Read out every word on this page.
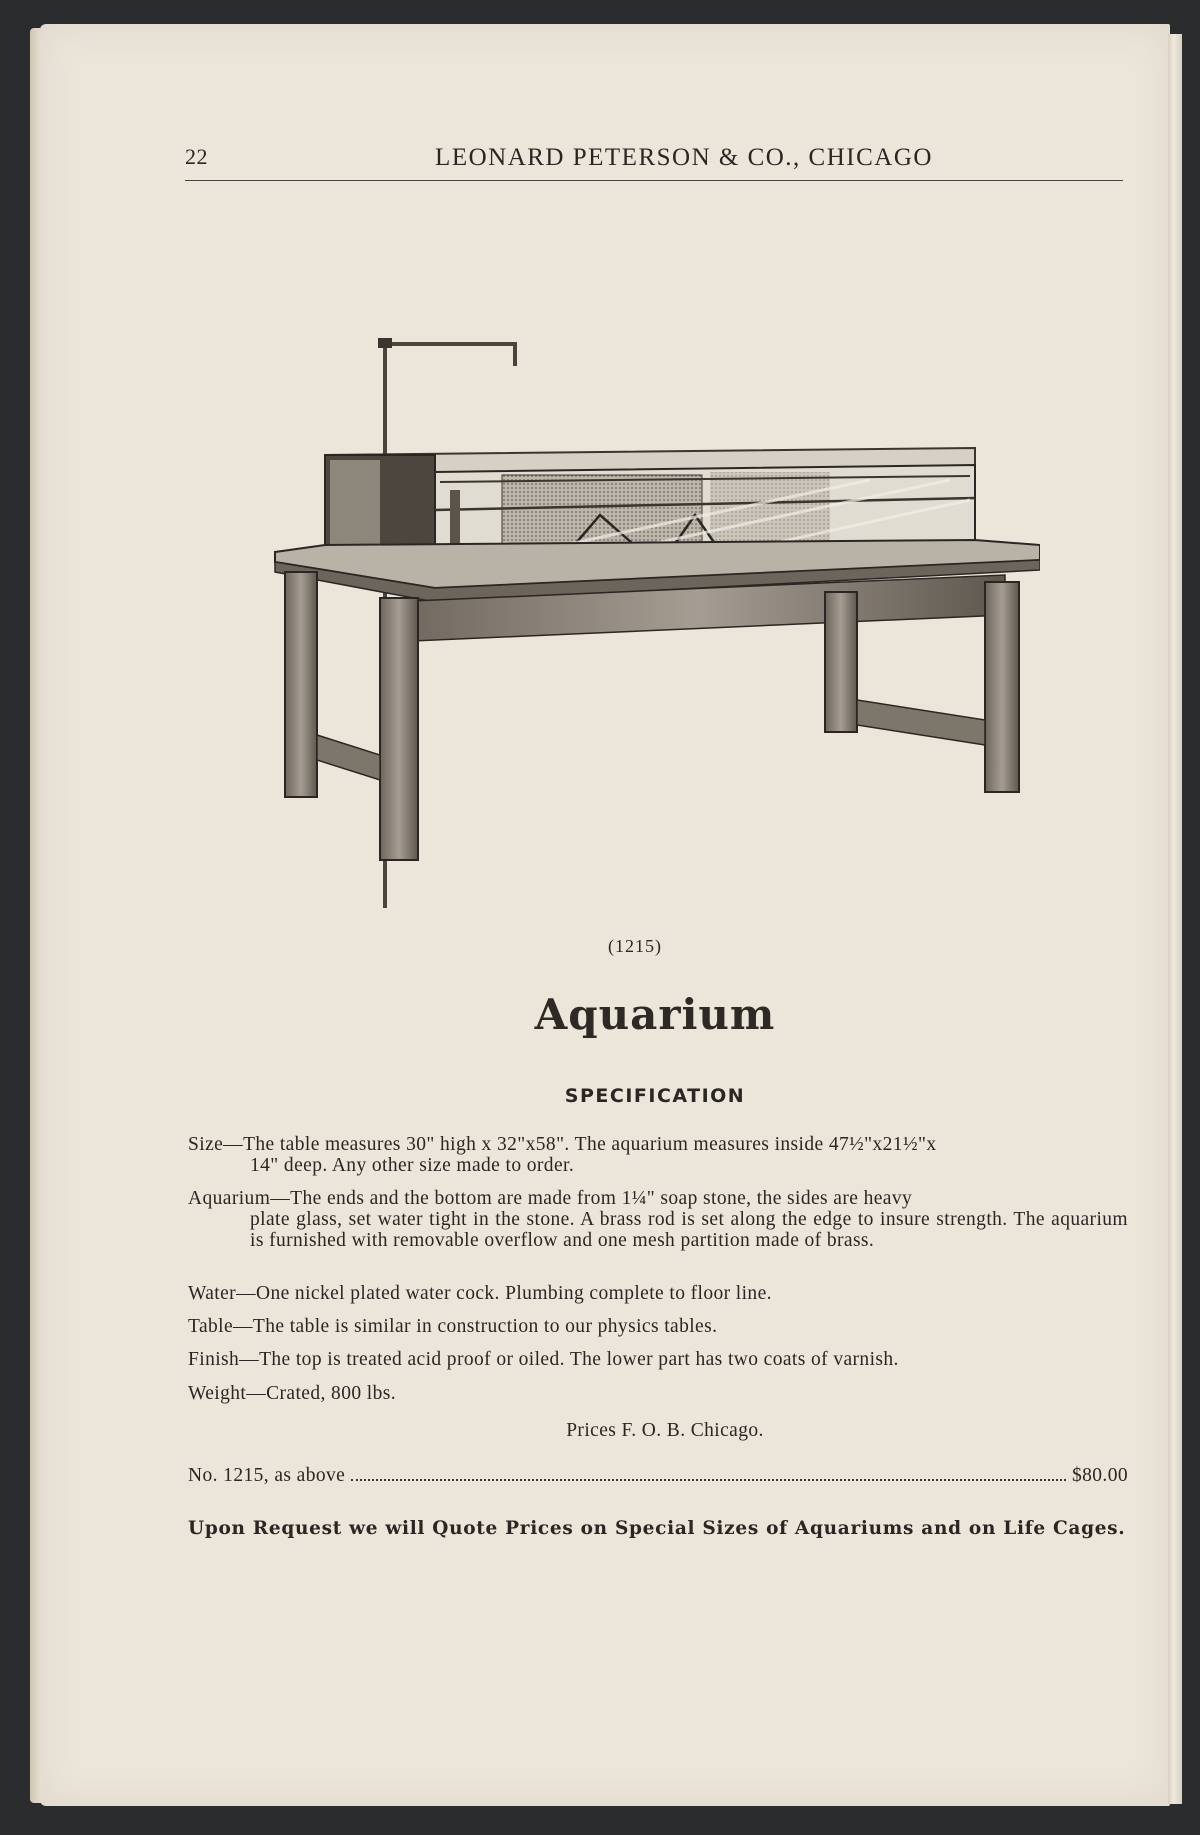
22	LEONARD PETERSON & CO., CHICAGO
(1215)
Aquarium
SPECIFICATION
Size—The table measures 30" high x 32"x58". The aquarium measures inside 47½"x21½"x
14" deep. Any other size made to order.
Aquarium—The ends and the bottom are made from 1¼" soap stone, the sides are heavy
plate glass, set water tight in the stone. A brass rod is set along the edge to insure strength. The aquarium is furnished with removable overflow and one mesh partition made of brass.
Water—One nickel plated water cock. Plumbing complete to floor line.
Table—The table is similar in construction to our physics tables.
Finish—The top is treated acid proof or oiled. The lower part has two coats of varnish.
Weight—Crated, 800 lbs.
Prices F. O. B. Chicago.
No. 1215, as above	$80.00
Upon Request we will Quote Prices on Special Sizes of Aquariums and on Life Cages.
